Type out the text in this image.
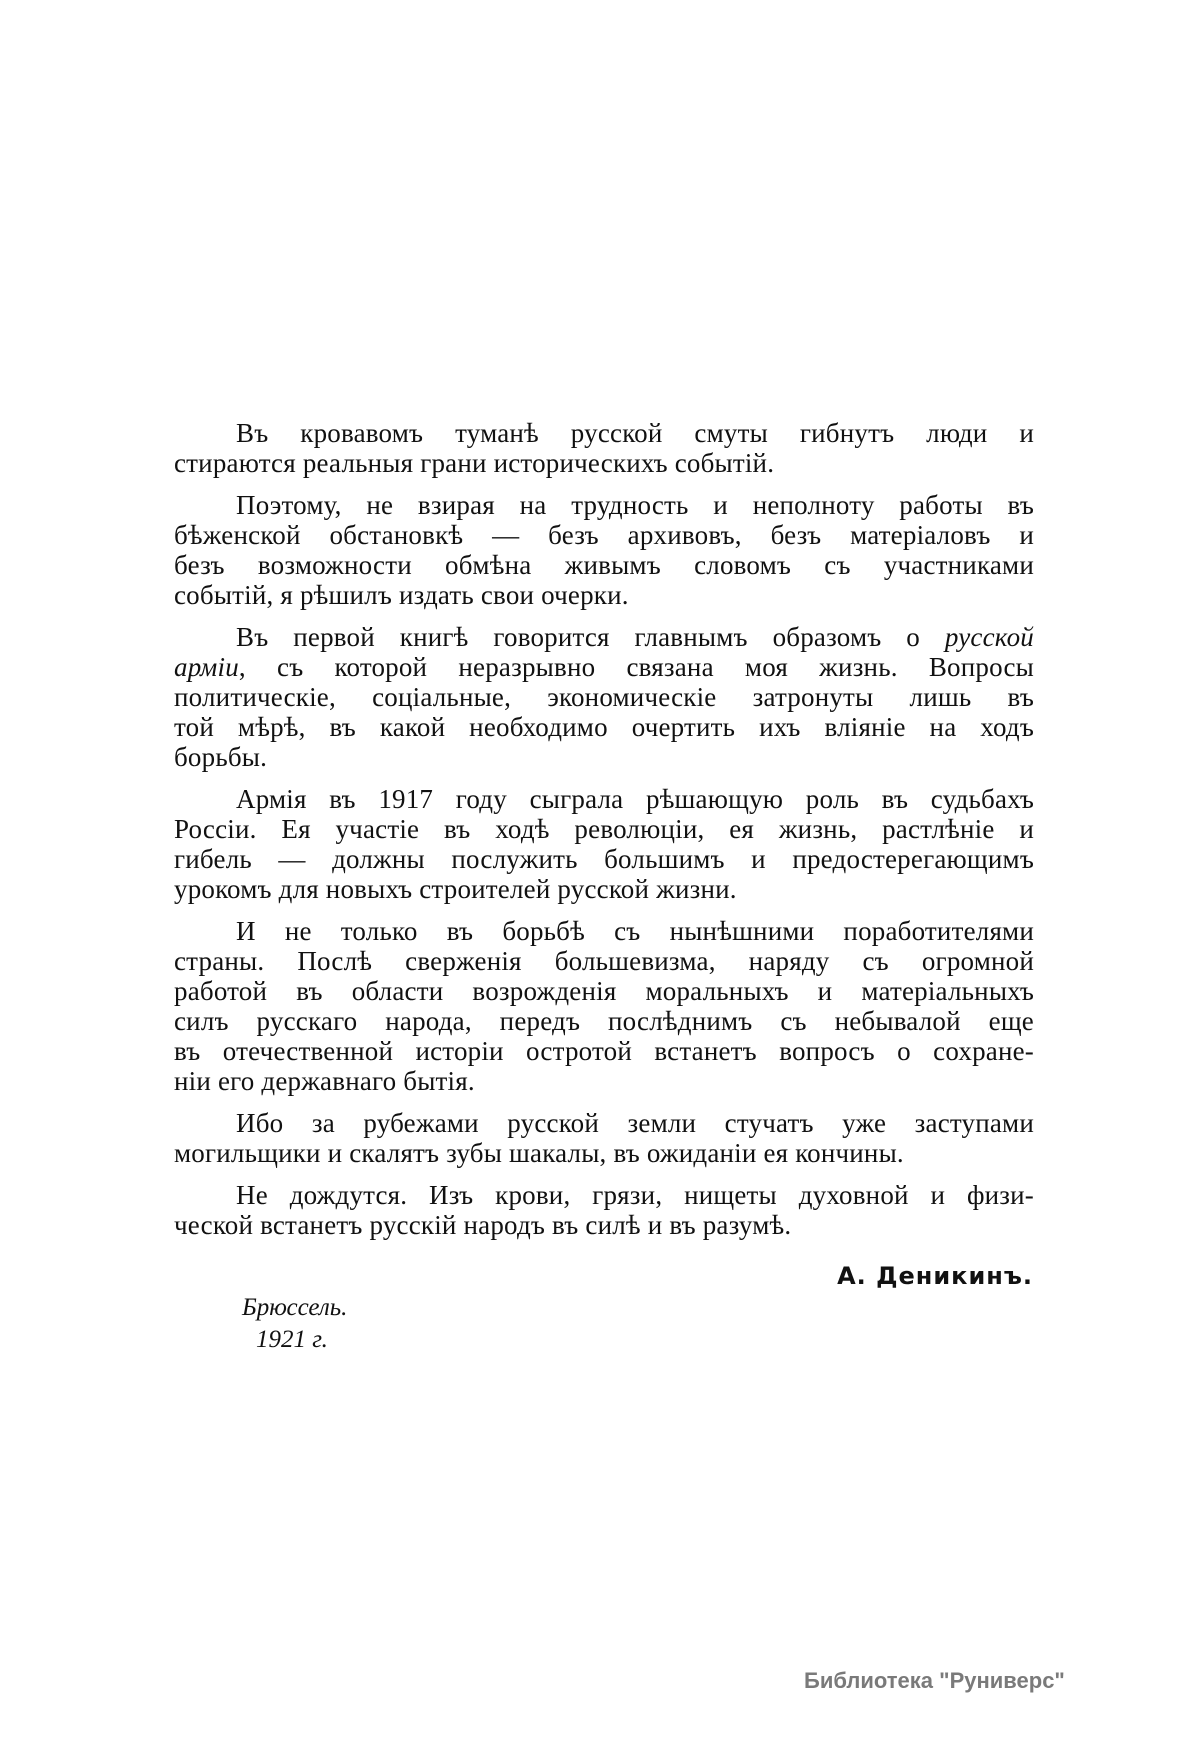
Въ кровавомъ туманѣ русской смуты гибнутъ люди и
стираются реальныя грани историческихъ событій.
Поэтому, не взирая на трудность и неполноту работы въ
бѣженской обстановкѣ — безъ архивовъ, безъ матеріаловъ и
безъ возможности обмѣна живымъ словомъ съ участниками
событій, я рѣшилъ издать свои очерки.
Въ первой книгѣ говорится главнымъ образомъ о русской
арміи, съ которой неразрывно связана моя жизнь. Вопросы
политическіе, соціальные, экономическіе затронуты лишь въ
той мѣрѣ, въ какой необходимо очертить ихъ вліяніе на ходъ
борьбы.
Армія въ 1917 году сыграла рѣшающую роль въ судьбахъ
Россіи. Ея участіе въ ходѣ революціи, ея жизнь, растлѣніе и
гибель — должны послужить большимъ и предостерегающимъ
урокомъ для новыхъ строителей русской жизни.
И не только въ борьбѣ съ нынѣшними поработителями
страны. Послѣ сверженія большевизма, наряду съ огромной
работой въ области возрожденія моральныхъ и матеріальныхъ
силъ русскаго народа, передъ послѣднимъ съ небывалой еще
въ отечественной исторіи остротой встанетъ вопросъ о сохране-
ніи его державнаго бытія.
Ибо за рубежами русской земли стучатъ уже заступами
могильщики и скалятъ зубы шакалы, въ ожиданіи ея кончины.
Не дождутся. Изъ крови, грязи, нищеты духовной и физи-
ческой встанетъ русскій народъ въ силѣ и въ разумѣ.
А. Деникинъ.
Брюссель.
1921 г.
Библиотека "Руниверс"
